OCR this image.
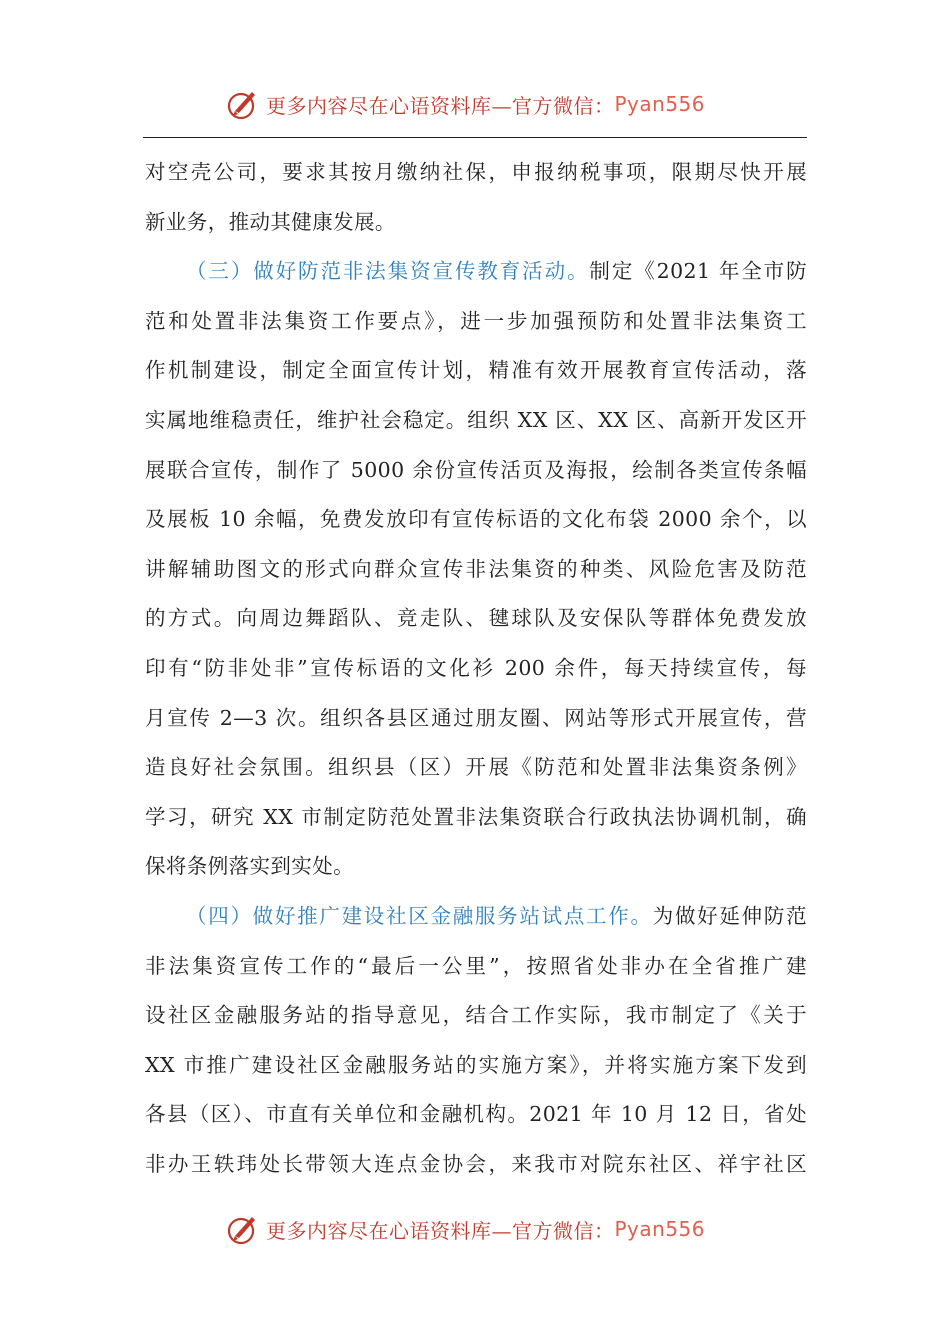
更多内容尽在心语资料库—官方微信： Pyan556
对空壳公司，要求其按月缴纳社保，申报纳税事项，限期尽快开展
新业务，推动其健康发展。
（三）做好防范非法集资宣传教育活动。制定《2021 年全市防
范和处置非法集资工作要点》，进一步加强预防和处置非法集资工
作机制建设，制定全面宣传计划，精准有效开展教育宣传活动，落
实属地维稳责任，维护社会稳定。组织 XX 区、XX 区、高新开发区开
展联合宣传，制作了 5000 余份宣传活页及海报，绘制各类宣传条幅
及展板 10 余幅，免费发放印有宣传标语的文化布袋 2000 余个，以
讲解辅助图文的形式向群众宣传非法集资的种类、风险危害及防范
的方式。向周边舞蹈队、竞走队、毽球队及安保队等群体免费发放
印有“防非处非”宣传标语的文化衫 200 余件，每天持续宣传，每
月宣传 2—3 次。组织各县区通过朋友圈、网站等形式开展宣传，营
造良好社会氛围。组织县（区）开展《防范和处置非法集资条例》
学习，研究 XX 市制定防范处置非法集资联合行政执法协调机制，确
保将条例落实到实处。
（四）做好推广建设社区金融服务站试点工作。为做好延伸防范
非法集资宣传工作的“最后一公里”，按照省处非办在全省推广建
设社区金融服务站的指导意见，结合工作实际，我市制定了《关于
XX 市推广建设社区金融服务站的实施方案》，并将实施方案下发到
各县（区）、市直有关单位和金融机构。2021 年 10 月 12 日，省处
非办王轶玮处长带领大连点金协会，来我市对院东社区、祥宇社区
更多内容尽在心语资料库—官方微信： Pyan556
